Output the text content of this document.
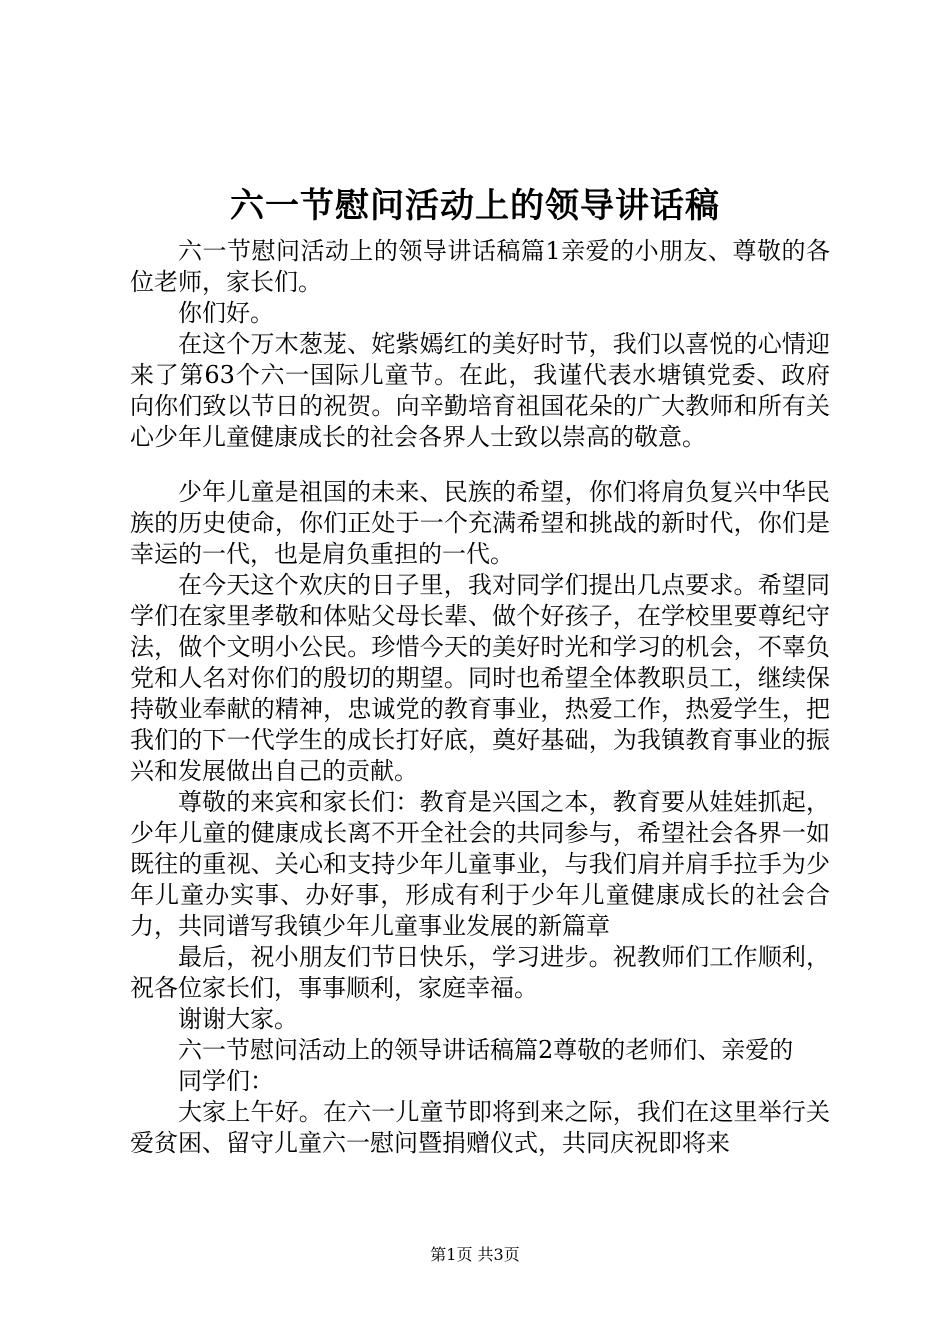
六一节慰问活动上的领导讲话稿

六一节慰问活动上的领导讲话稿篇1亲爱的小朋友、尊敬的各位老师，家长们。

你们好。

在这个万木葱茏、姹紫嫣红的美好时节，我们以喜悦的心情迎来了第63个六一国际儿童节。在此，我谨代表水塘镇党委、政府向你们致以节日的祝贺。向辛勤培育祖国花朵的广大教师和所有关心少年儿童健康成长的社会各界人士致以崇高的敬意。

少年儿童是祖国的未来、民族的希望，你们将肩负复兴中华民族的历史使命，你们正处于一个充满希望和挑战的新时代，你们是幸运的一代，也是肩负重担的一代。

在今天这个欢庆的日子里，我对同学们提出几点要求。希望同学们在家里孝敬和体贴父母长辈、做个好孩子，在学校里要尊纪守法，做个文明小公民。珍惜今天的美好时光和学习的机会，不辜负党和人名对你们的殷切的期望。同时也希望全体教职员工，继续保持敬业奉献的精神，忠诚党的教育事业，热爱工作，热爱学生，把我们的下一代学生的成长打好底，奠好基础，为我镇教育事业的振兴和发展做出自己的贡献。

尊敬的来宾和家长们：教育是兴国之本，教育要从娃娃抓起，少年儿童的健康成长离不开全社会的共同参与，希望社会各界一如既往的重视、关心和支持少年儿童事业，与我们肩并肩手拉手为少年儿童办实事、办好事，形成有利于少年儿童健康成长的社会合力，共同谱写我镇少年儿童事业发展的新篇章

最后，祝小朋友们节日快乐，学习进步。祝教师们工作顺利，祝各位家长们，事事顺利，家庭幸福。

谢谢大家。

六一节慰问活动上的领导讲话稿篇2尊敬的老师们、亲爱的

同学们：

大家上午好。在六一儿童节即将到来之际，我们在这里举行关爱贫困、留守儿童六一慰问暨捐赠仪式，共同庆祝即将来

第1页 共3页
